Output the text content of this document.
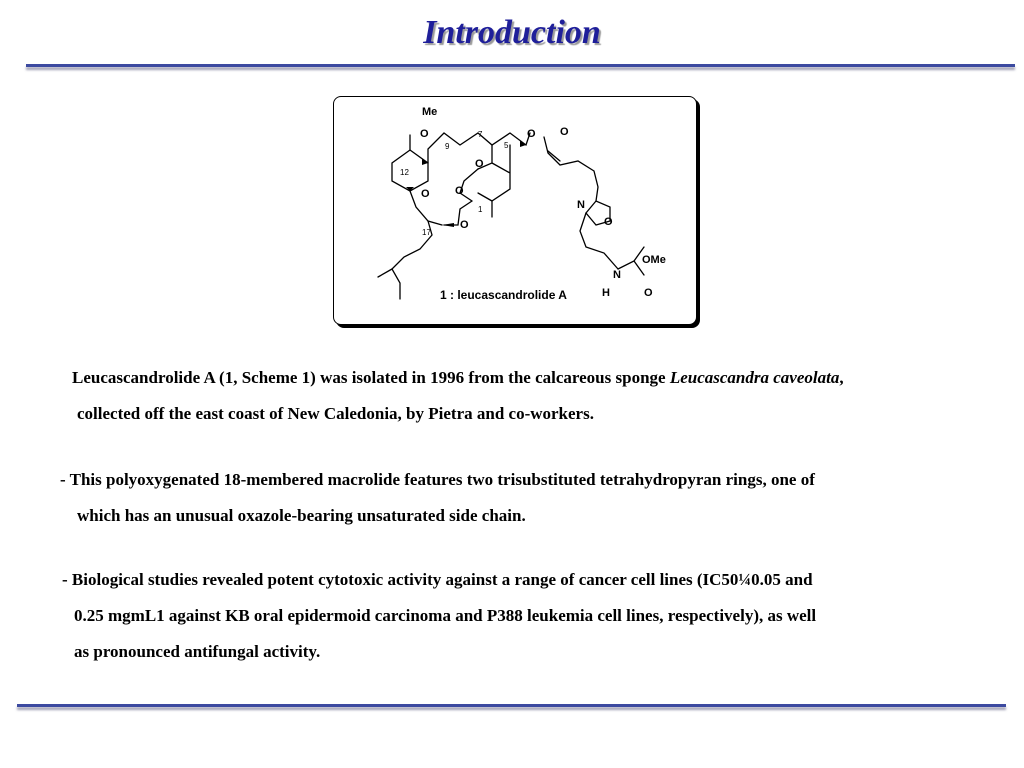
Introduction
Me
O	O O
O
O O
O
N
O
OMe
N
H	O
9
7
5
12
1
17
1 : leucascandrolide A
Leucascandrolide A (1, Scheme 1) was isolated in 1996 from the calcareous sponge Leucascandra caveolata,
collected off the east coast of New Caledonia, by Pietra and co-workers.
- This polyoxygenated 18-membered macrolide features two trisubstituted tetrahydropyran rings, one of
which has an unusual oxazole-bearing unsaturated side chain.
- Biological studies revealed potent cytotoxic activity against a range of cancer cell lines (IC50¼0.05 and
0.25 mgmL1 against KB oral epidermoid carcinoma and P388 leukemia cell lines, respectively), as well
as pronounced antifungal activity.
